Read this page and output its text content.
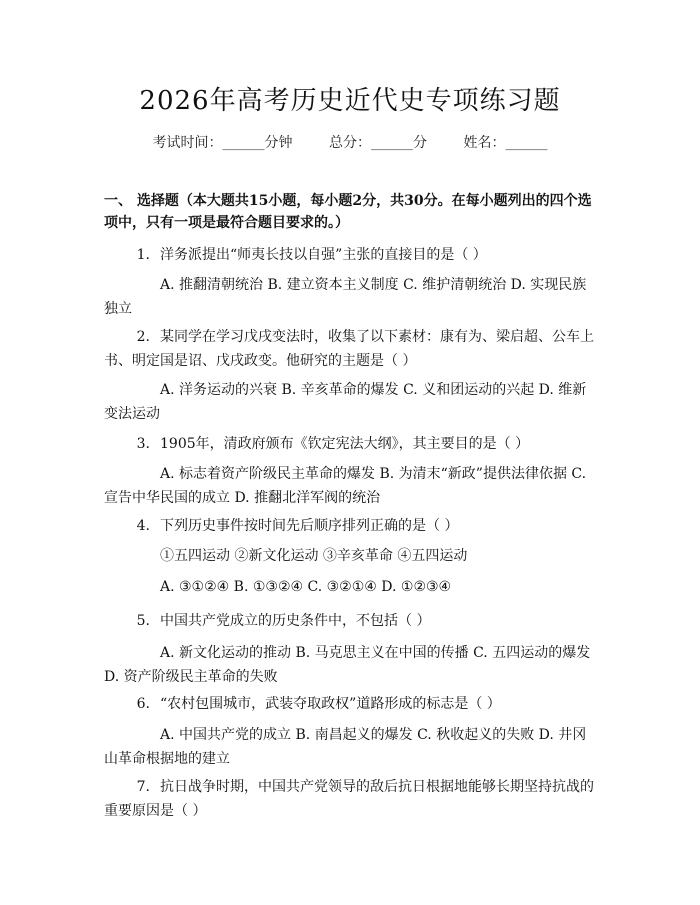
2026年高考历史近代史专项练习题
考试时间：______分钟	总分：______分	姓名：______
一、 选择题（本大题共15小题，每小题2分，共30分。在每小题列出的四个选项中，只有一项是最符合题目要求的。）
1. 洋务派提出“师夷长技以自强”主张的直接目的是（ ）
A. 推翻清朝统治 B. 建立资本主义制度 C. 维护清朝统治 D. 实现民族独立
2. 某同学在学习戊戌变法时，收集了以下素材：康有为、梁启超、公车上书、明定国是诏、戊戌政变。他研究的主题是（ ）
A. 洋务运动的兴衰 B. 辛亥革命的爆发 C. 义和团运动的兴起 D. 维新变法运动
3. 1905年，清政府颁布《钦定宪法大纲》，其主要目的是（ ）
A. 标志着资产阶级民主革命的爆发 B. 为清末“新政”提供法律依据 C. 宣告中华民国的成立 D. 推翻北洋军阀的统治
4. 下列历史事件按时间先后顺序排列正确的是（ ）
①五四运动 ②新文化运动 ③辛亥革命 ④五四运动
A. ③①②④ B. ①③②④ C. ③②①④ D. ①②③④
5. 中国共产党成立的历史条件中，不包括（ ）
A. 新文化运动的推动 B. 马克思主义在中国的传播 C. 五四运动的爆发 D. 资产阶级民主革命的失败
6. “农村包围城市，武装夺取政权”道路形成的标志是（ ）
A. 中国共产党的成立 B. 南昌起义的爆发 C. 秋收起义的失败 D. 井冈山革命根据地的建立
7. 抗日战争时期，中国共产党领导的敌后抗日根据地能够长期坚持抗战的重要原因是（ ）
